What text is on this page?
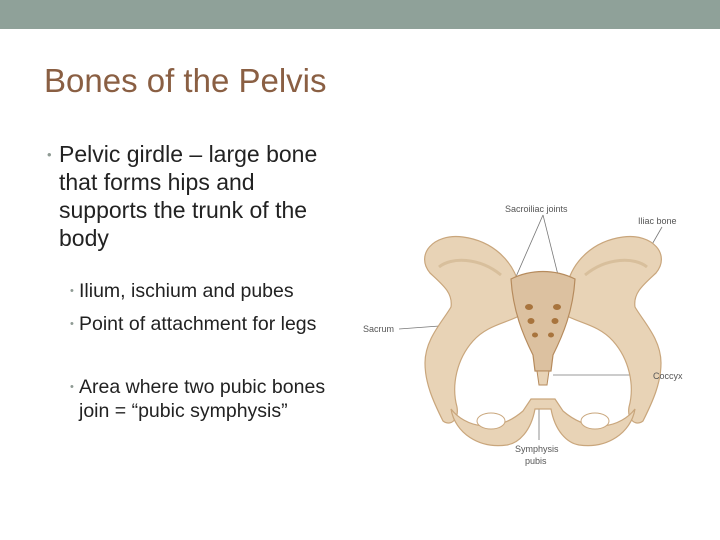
Bones of the Pelvis
• Pelvic girdle – large bone that forms hips and supports the trunk of the body
• Ilium, ischium and pubes
• Point of attachment for legs
• Area where two pubic bones join = “pubic symphysis”
Sacroiliac joints
Iliac bone
Sacrum
Coccyx
Symphysis
pubis
